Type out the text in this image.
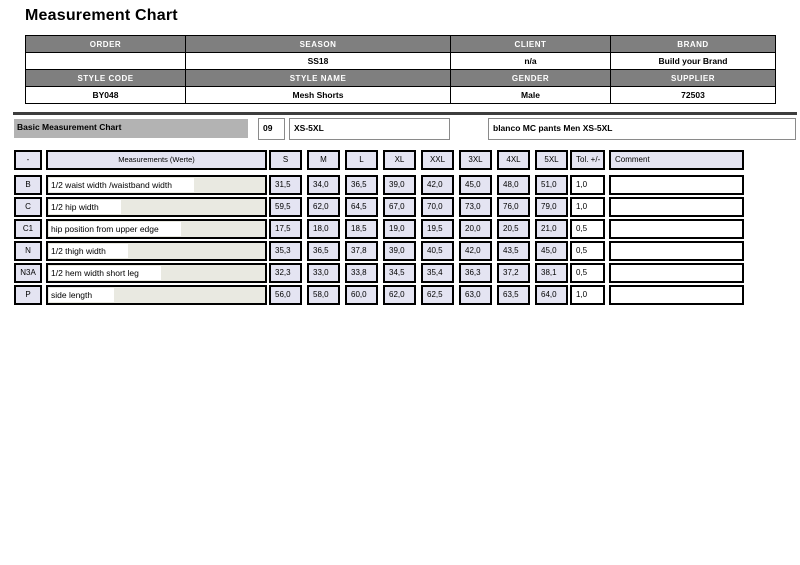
Measurement Chart
ORDER	SEASON	CLIENT	BRAND
	SS18	n/a	Build your Brand
STYLE CODE	STYLE NAME	GENDER	SUPPLIER
BY048	Mesh Shorts	Male	72503
Basic Measurement Chart	09	XS-5XL	blanco MC pants Men XS-5XL
-	Measurements (Werte)	S	M	L	XL	XXL	3XL	4XL	5XL	Tol. +/-	Comment
B	1/2 waist width /waistband width	31,5	34,0	36,5	39,0	42,0	45,0	48,0	51,0	1,0
C	1/2 hip width	59,5	62,0	64,5	67,0	70,0	73,0	76,0	79,0	1,0
C1	hip position from upper edge	17,5	18,0	18,5	19,0	19,5	20,0	20,5	21,0	0,5
N	1/2 thigh width	35,3	36,5	37,8	39,0	40,5	42,0	43,5	45,0	0,5
N3A	1/2 hem width short leg	32,3	33,0	33,8	34,5	35,4	36,3	37,2	38,1	0,5
P	side length	56,0	58,0	60,0	62,0	62,5	63,0	63,5	64,0	1,0
